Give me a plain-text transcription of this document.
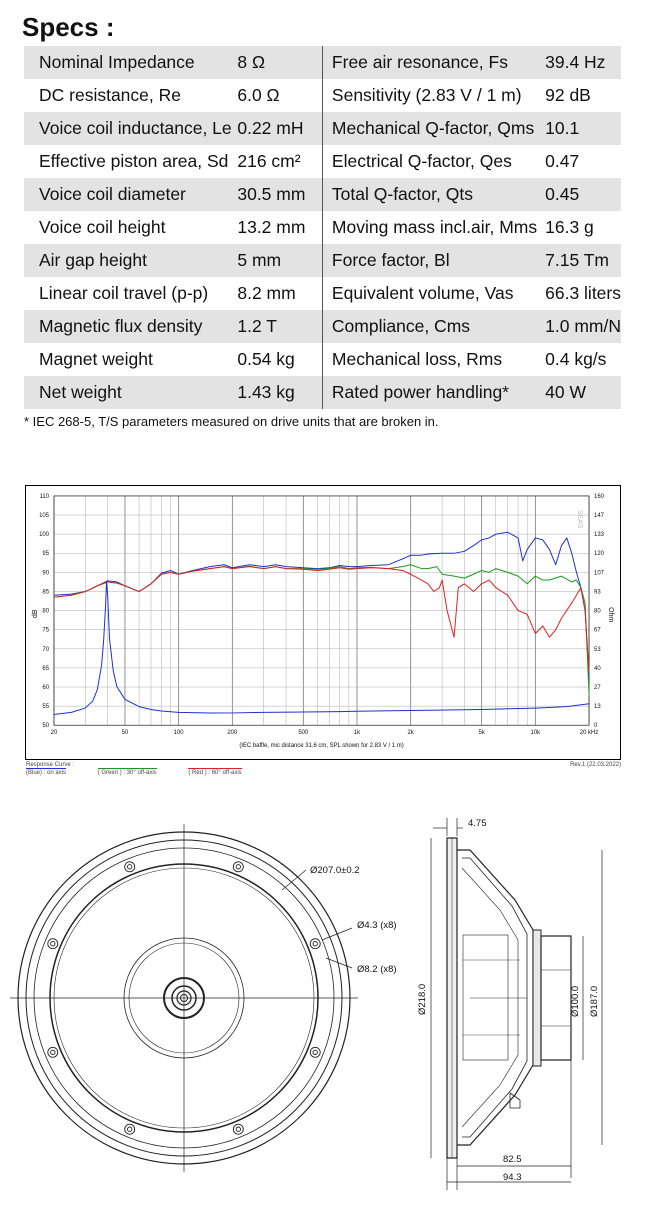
Specs :
Nominal Impedance	8 Ω		Free air resonance, Fs	39.4 Hz
DC resistance, Re	6.0 Ω		Sensitivity (2.83 V / 1 m)	92 dB
Voice coil inductance, Le	0.22 mH		Mechanical Q-factor, Qms	10.1
Effective piston area, Sd	216 cm²		Electrical Q-factor, Qes	0.47
Voice coil diameter	30.5 mm		Total Q-factor, Qts	0.45
Voice coil height	13.2 mm		Moving mass incl.air, Mms	16.3 g
Air gap height	5 mm		Force factor, Bl	7.15 Tm
Linear coil travel (p-p)	8.2 mm		Equivalent volume, Vas	66.3 liters
Magnetic flux density	1.2 T		Compliance, Cms	1.0 mm/N
Magnet weight	0.54 kg		Mechanical loss, Rms	0.4 kg/s
Net weight	1.43 kg		Rated power handling*	40 W
* IEC 268-5, T/S parameters measured on drive units that are broken in.
20	50	100	200	500	1k	2k	5k	10k	20 kHz
110
105
100
95
90
85
80
75
70
65
60
55
50
160
147
133
120
107
93
80
67
53
40
27
13
0
dB	Ohm
(IEC baffle, mic distance 31.6 cm, SPL shown for 2.83 V / 1 m)
SEAS
Response Curve :
(Blue) : on axis	( Green ) : 30° off-axis	( Red ) : 60° off-axis
Rev.1 (22.03.2022)
Ø207.0±0.2
Ø4.3 (x8)
Ø8.2 (x8)
4.75
Ø218.0	Ø100.0 Ø187.0
82.5
94.3
